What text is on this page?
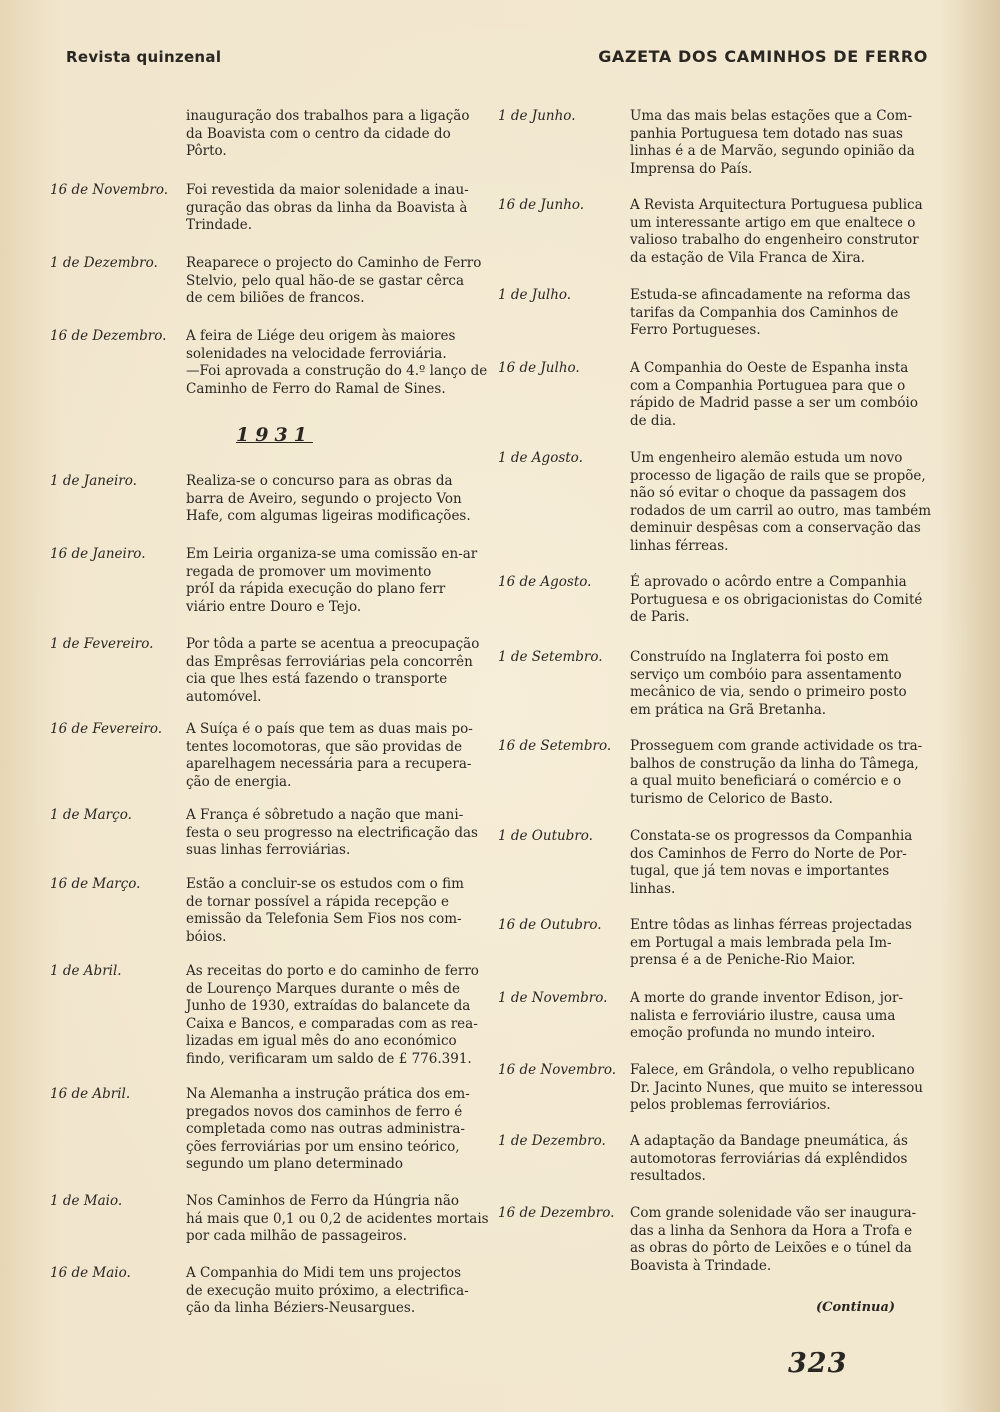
Revista quinzenal	GAZETA DOS CAMINHOS DE FERRO
inauguração dos trabalhos para a ligação
da Boavista com o centro da cidade do
Pôrto.
16 de Novembro. Foi revestida da maior solenidade a inau-
guração das obras da linha da Boavista à
Trindade.
1 de Dezembro. Reaparece o projecto do Caminho de Ferro
Stelvio, pelo qual hão-de se gastar cêrca
de cem biliões de francos.
16 de Dezembro. A feira de Liége deu origem às maiores
solenidades na velocidade ferroviária.
—Foi aprovada a construção do 4.º lanço de
Caminho de Ferro do Ramal de Sines.
1 de Janeiro.	Realiza-se o concurso para as obras da
barra de Aveiro, segundo o projecto Von
Hafe, com algumas ligeiras modificações.
16 de Janeiro.	Em Leiria organiza-se uma comissão en-ar
regada de promover um movimento
próI da rápida execução do plano ferr
viário entre Douro e Tejo.
1 de Fevereiro. Por tôda a parte se acentua a preocupação
das Emprêsas ferroviárias pela concorrên
cia que lhes está fazendo o transporte
automóvel.
16 de Fevereiro. A Suíça é o país que tem as duas mais po-
tentes locomotoras, que são providas de
aparelhagem necessária para a recupera-
ção de energia.
1 de Março.	A França é sôbretudo a nação que mani-
festa o seu progresso na electrificação das
suas linhas ferroviárias.
16 de Março.	Estão a concluir-se os estudos com o fim
de tornar possível a rápida recepção e
emissão da Telefonia Sem Fios nos com-
bóios.
1 de Abril.	As receitas do porto e do caminho de ferro
de Lourenço Marques durante o mês de
Junho de 1930, extraídas do balancete da
Caixa e Bancos, e comparadas com as rea-
lizadas em igual mês do ano económico
findo, verificaram um saldo de £ 776.391.
16 de Abril.	Na Alemanha a instrução prática dos em-
pregados novos dos caminhos de ferro é
completada como nas outras administra-
ções ferroviárias por um ensino teórico,
segundo um plano determinado
1 de Maio.	Nos Caminhos de Ferro da Húngria não
há mais que 0,1 ou 0,2 de acidentes mortais
por cada milhão de passageiros.
16 de Maio.	A Companhia do Midi tem uns projectos
de execução muito próximo, a electrifica-
ção da linha Béziers-Neusargues.
1931
1 de Junho.	Uma das mais belas estações que a Com-
panhia Portuguesa tem dotado nas suas
linhas é a de Marvão, segundo opinião da
Imprensa do País.
16 de Junho.	A Revista Arquitectura Portuguesa publica
um interessante artigo em que enaltece o
valioso trabalho do engenheiro construtor
da estação de Vila Franca de Xira.
1 de Julho.	Estuda-se afincadamente na reforma das
tarifas da Companhia dos Caminhos de
Ferro Portugueses.
16 de Julho.	A Companhia do Oeste de Espanha insta
com a Companhia Portuguea para que o
rápido de Madrid passe a ser um combóio
de dia.
1 de Agosto.	Um engenheiro alemão estuda um novo
processo de ligação de rails que se propõe,
não só evitar o choque da passagem dos
rodados de um carril ao outro, mas também
deminuir despêsas com a conservação das
linhas férreas.
16 de Agosto.	É aprovado o acôrdo entre a Companhia
Portuguesa e os obrigacionistas do Comité
de Paris.
1 de Setembro. Construído na Inglaterra foi posto em
serviço um combóio para assentamento
mecânico de via, sendo o primeiro posto
em prática na Grã Bretanha.
16 de Setembro. Prosseguem com grande actividade os tra-
balhos de construção da linha do Tâmega,
a qual muito beneficiará o comércio e o
turismo de Celorico de Basto.
1 de Outubro.	Constata-se os progressos da Companhia
dos Caminhos de Ferro do Norte de Por-
tugal, que já tem novas e importantes
linhas.
16 de Outubro. Entre tôdas as linhas férreas projectadas
em Portugal a mais lembrada pela Im-
prensa é a de Peniche-Rio Maior.
1 de Novembro. A morte do grande inventor Edison, jor-
nalista e ferroviário ilustre, causa uma
emoção profunda no mundo inteiro.
16 de Novembro. Falece, em Grândola, o velho republicano
Dr. Jacinto Nunes, que muito se interessou
pelos problemas ferroviários.
1 de Dezembro. A adaptação da Bandage pneumática, ás
automotoras ferroviárias dá explêndidos
resultados.
16 de Dezembro. Com grande solenidade vão ser inaugura-
das a linha da Senhora da Hora a Trofa e
as obras do pôrto de Leixões e o túnel da
Boavista à Trindade.
(Continua)
323
